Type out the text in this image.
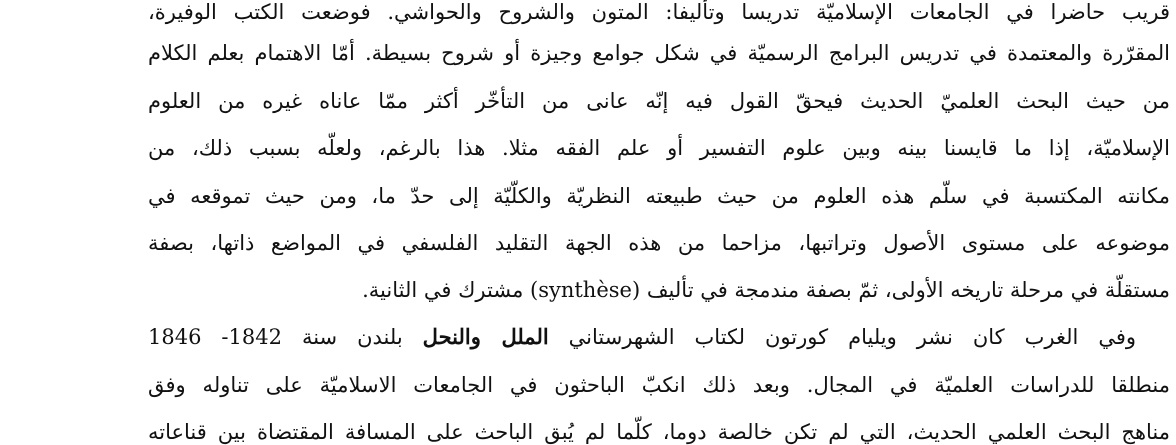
قريب حاضرا في الجامعات الإسلاميّة تدريسا وتأليفا: المتون والشروح والحواشي. فوضعت الكتب الوفيرة،
المقرّرة والمعتمدة في تدريس البرامج الرسميّة في شكل جوامع وجيزة أو شروح بسيطة. أمّا الاهتمام بعلم الكلام
من حيث البحث العلميّ الحديث فيحقّ القول فيه إنّه عانى من التأخّر أكثر ممّا عاناه غيره من العلوم
الإسلاميّة، إذا ما قايسنا بينه وبين علوم التفسير أو علم الفقه مثلا. هذا بالرغم، ولعلّه بسبب ذلك، من
مكانته المكتسبة في سلّم هذه العلوم من حيث طبيعته النظريّة والكلّيّة إلى حدّ ما، ومن حيث تموقعه في
موضوعه على مستوى الأصول وتراتبها، مزاحما من هذه الجهة التقليد الفلسفي في المواضع ذاتها، بصفة
مستقلّة في مرحلة تاريخه الأولى، ثمّ بصفة مندمجة في تأليف (synthèse) مشترك في الثانية.
وفي الغرب كان نشر ويليام كورتون لكتاب الشهرستاني الملل والنحل بلندن سنة 1842- 1846
منطلقا للدراسات العلميّة في المجال. وبعد ذلك انكبّ الباحثون في الجامعات الاسلاميّة على تناوله وفق
مناهج البحث العلمي الحديث، التي لم تكن خالصة دوما، كلّما لم يُبق الباحث على المسافة المقتضاة بين قناعاته
